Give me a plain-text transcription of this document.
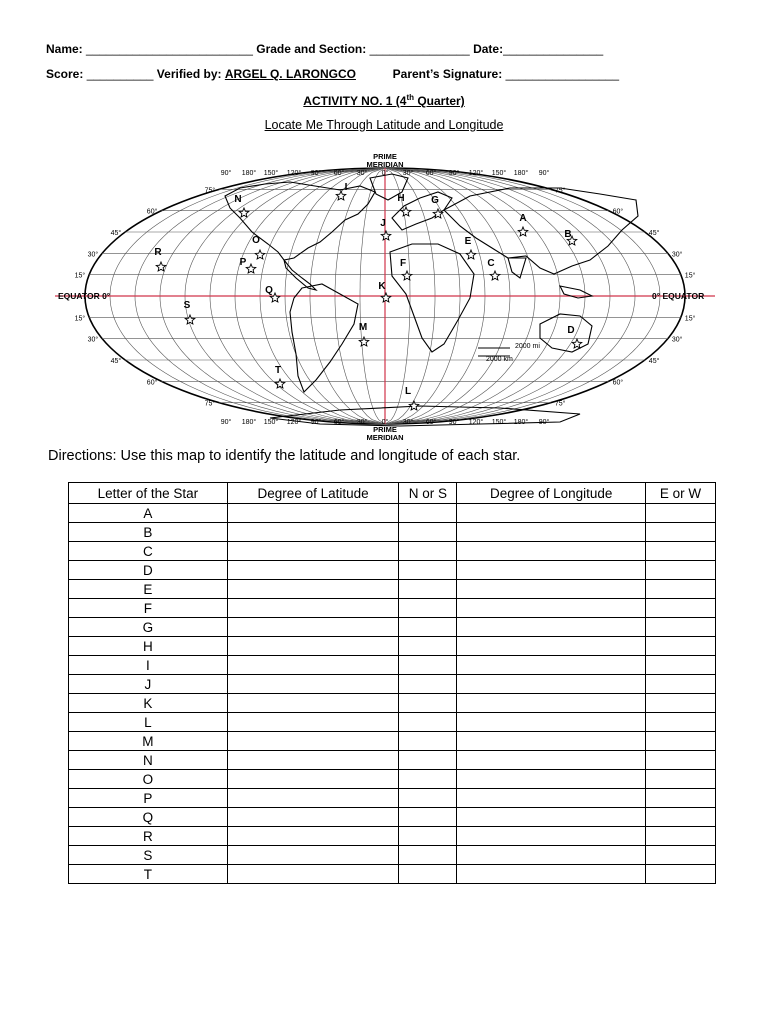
Name: _________________________ Grade and Section: _______________ Date:_______________
Score: __________ Verified by: ARGEL Q. LARONGCO	Parent’s Signature: _________________
ACTIVITY NO. 1 (4th Quarter)
Locate Me Through Latitude and Longitude
PRIME
MERIDIAN
PRIME
MERIDIAN
EQUATOR 0°	0° EQUATOR
90°
90°
180°
180°
150°
150°
120°
120°
90°
90°
60°
60°
30°
30°
0°
0°
30°
30°
60°
60°
90°
90°
120°
120°
150°
150°
180°
180°
90°
90°
75°	75°
60°	60°
45°	45°
30°	30°
15°	15°
15°	15°
30°	30°
45°	45°
60°	60°
75°	75°
2000 mi
2000 km
A
B
C
D
E
F
G
H
I
J
K
L
M
N
O
P
Q
R
S
T
Directions: Use this map to identify the latitude and longitude of each star.
Letter of the Star	Degree of Latitude	N or S	Degree of Longitude	E or W
A				
B				
C				
D				
E				
F				
G				
H				
I				
J				
K				
L				
M				
N				
O				
P				
Q				
R				
S				
T				
